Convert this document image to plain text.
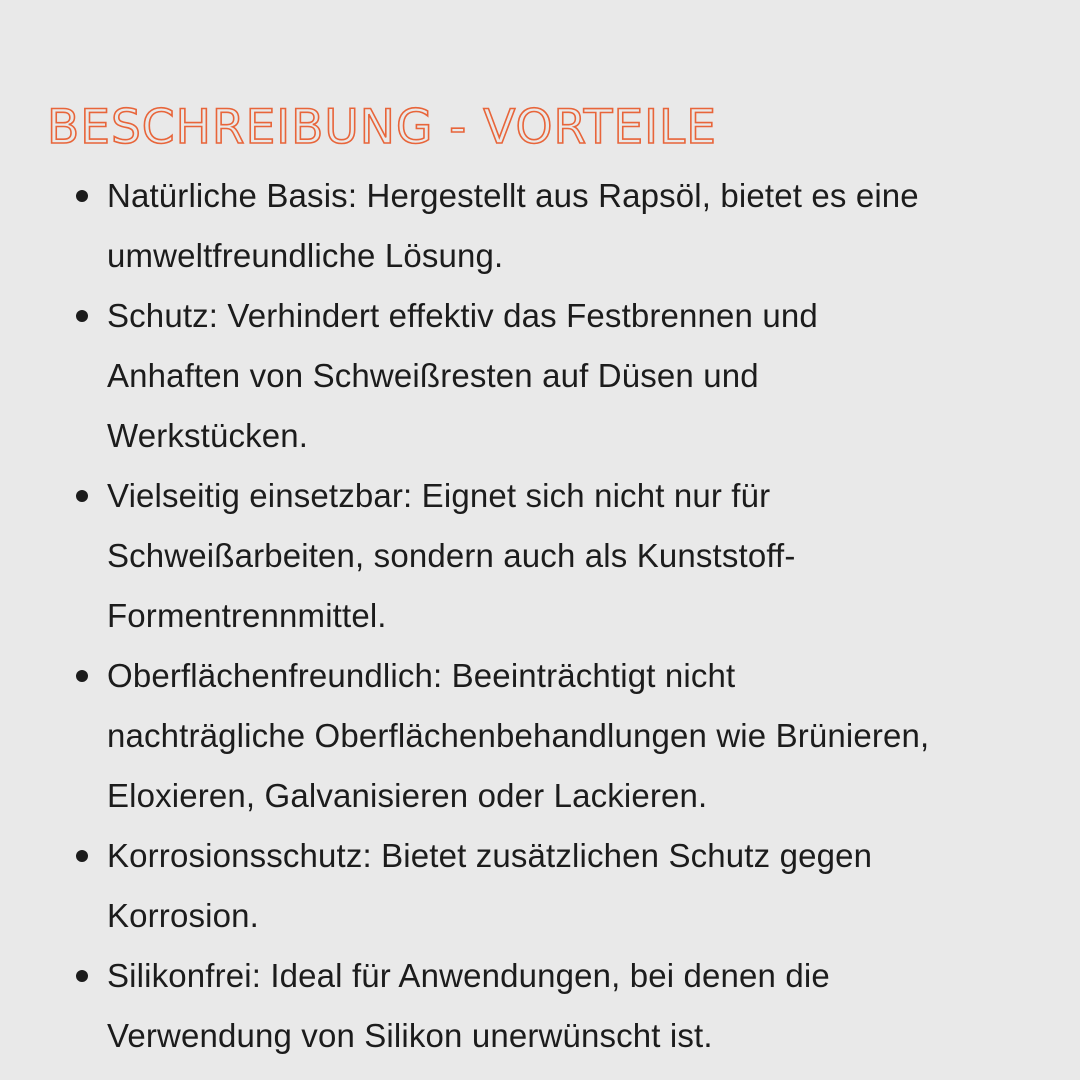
BESCHREIBUNG - VORTEILE
Natürliche Basis: Hergestellt aus Rapsöl, bietet es eine
umweltfreundliche Lösung.
Schutz: Verhindert effektiv das Festbrennen und
Anhaften von Schweißresten auf Düsen und
Werkstücken.
Vielseitig einsetzbar: Eignet sich nicht nur für
Schweißarbeiten, sondern auch als Kunststoff-
Formentrennmittel.
Oberflächenfreundlich: Beeinträchtigt nicht
nachträgliche Oberflächenbehandlungen wie Brünieren,
Eloxieren, Galvanisieren oder Lackieren.
Korrosionsschutz: Bietet zusätzlichen Schutz gegen
Korrosion.
Silikonfrei: Ideal für Anwendungen, bei denen die
Verwendung von Silikon unerwünscht ist.
